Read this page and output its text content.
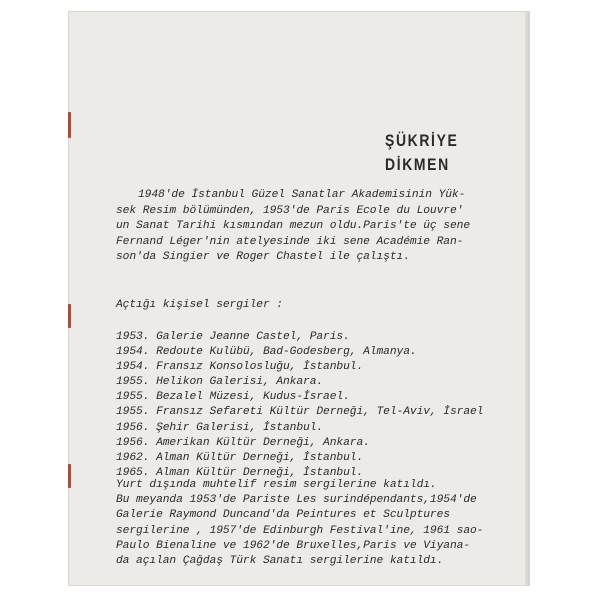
ŞÜKRİYE
DİKMEN
1948'de İstanbul Güzel Sanatlar Akademisinin Yük-
sek Resim bölümünden, 1953'de Paris Ecole du Louvre'
un Sanat Tarihi kısmından mezun oldu.Paris'te üç sene
Fernand Léger'nin atelyesinde iki sene Académie Ran-
son'da Singier ve Roger Chastel ile çalıştı.
Açtığı kişisel sergiler :
1953. Galerie Jeanne Castel, Paris.
1954. Redoute Kulübü, Bad-Godesberg, Almanya.
1954. Fransız Konsolosluğu, İstanbul.
1955. Helikon Galerisi, Ankara.
1955. Bezalel Müzesi, Kudus-İsrael.
1955. Fransız Sefareti Kültür Derneği, Tel-Aviv, İsrael
1956. Şehir Galerisi, İstanbul.
1956. Amerikan Kültür Derneği, Ankara.
1962. Alman Kültür Derneği, İstanbul.
1965. Alman Kültür Derneği, İstanbul.
Yurt dışında muhtelif resim sergilerine katıldı.
Bu meyanda 1953'de Pariste Les surindépendants,1954'de
Galerie Raymond Duncand'da Peintures et Sculptures
sergilerine , 1957'de Edinburgh Festival'ine, 1961 sao-
Paulo Bienaline ve 1962'de Bruxelles,Paris ve Viyana-
da açılan Çağdaş Türk Sanatı sergilerine katıldı.
